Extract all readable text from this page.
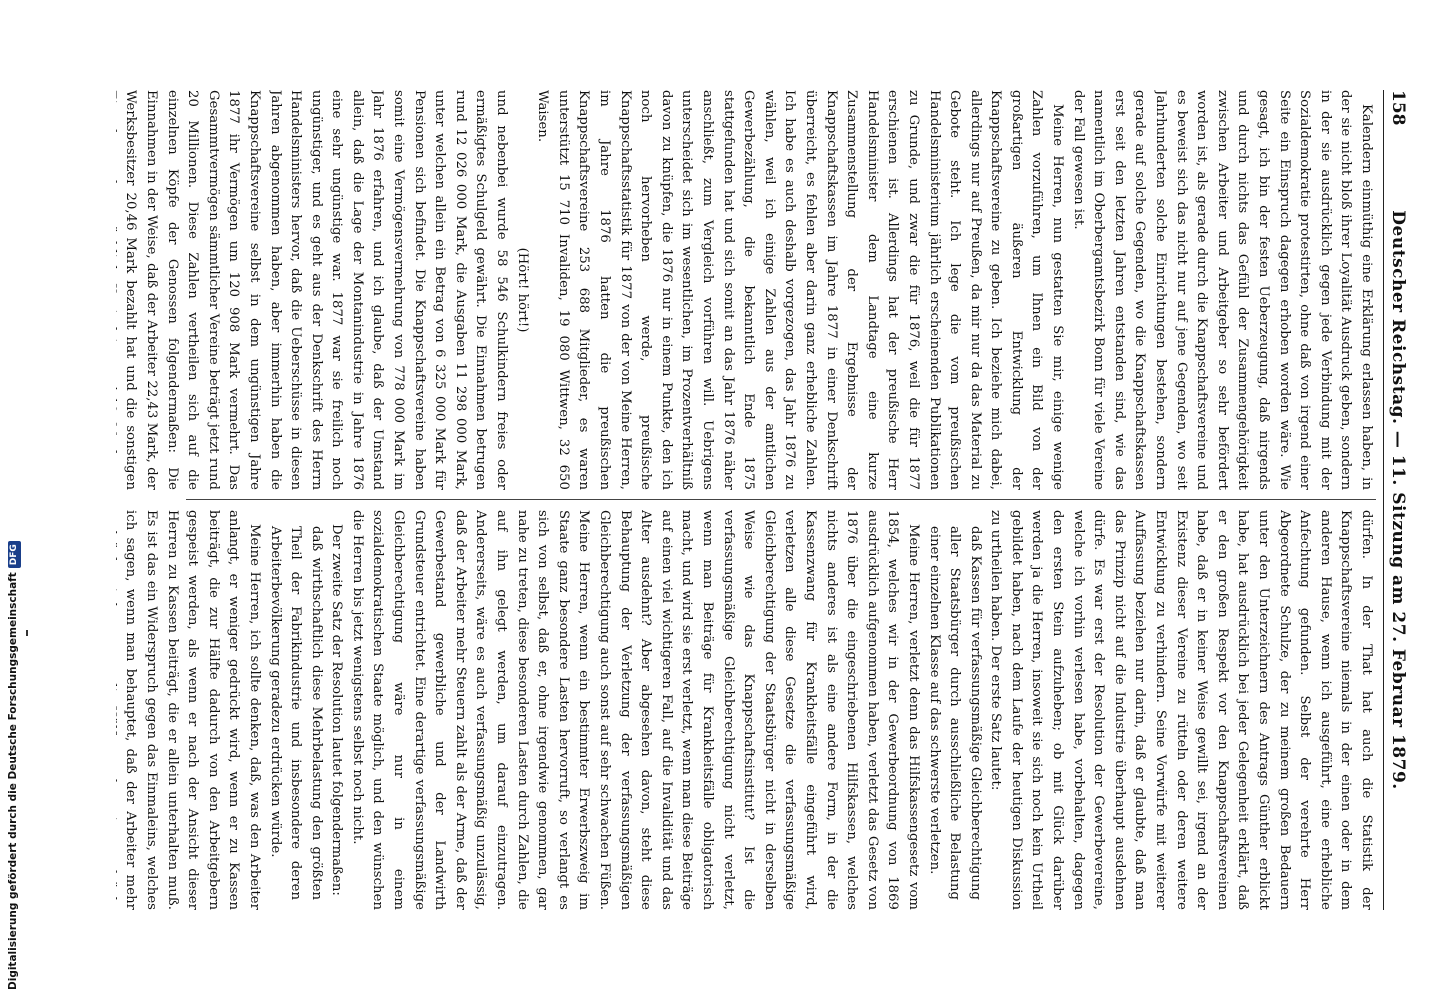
158
Deutscher Reichstag. — 11. Sitzung am 27. Februar 1879.

Kalendern einmüthig eine Erklärung erlassen haben, in der sie nicht bloß ihrer Loyalität Ausdruck geben, sondern in der sie ausdrücklich gegen jede Verbindung mit der Sozialdemokratie protestirten, ohne daß von irgend einer Seite ein Einspruch dagegen erhoben worden wäre. Wie gesagt, ich bin der festen Ueberzeugung, daß nirgends und durch nichts das Gefühl der Zusammengehörigkeit zwischen Arbeiter und Arbeitgeber so sehr befördert worden ist, als gerade durch die Knappschaftsvereine und es beweist sich das nicht nur auf jene Gegenden, wo seit Jahrhunderten solche Einrichtungen bestehen, sondern gerade auf solche Gegenden, wo die Knappschaftskassen erst seit den letzten Jahren entstanden sind, wie das namentlich im Oberbergamtsbezirk Bonn für viele Vereine der Fall gewesen ist.

Meine Herren, nun gestatten Sie mir, einige wenige Zahlen vorzuführen, um Ihnen ein Bild von der großartigen äußeren Entwicklung der Knappschaftsvereine zu geben. Ich beziehe mich dabei, allerdings nur auf Preußen, da mir nur da das Material zu Gebote steht. Ich lege die vom preußischen Handelsministerium jährlich erscheinenden Publikationen zu Grunde, und zwar die für 1876, weil die für 1877 erschienen ist. Allerdings hat der preußische Herr Handelsminister dem Landtage eine kurze Zusammenstellung der Ergebnisse der Knappschaftskassen im Jahre 1877 in einer Denkschrift überreicht, es fehlen aber darin ganz erhebliche Zahlen. Ich habe es auch deshalb vorgezogen, das Jahr 1876 zu wählen, weil ich einige Zahlen aus der amtlichen Gewerbezählung, die bekanntlich Ende 1875 stattgefunden hat und sich somit an das Jahr 1876 näher anschließt, zum Vergleich vorführen will. Uebrigens unterscheidet sich im wesentlichen, im Prozentverhältniß davon zu knüpfen, die 1876 nur in einem Punkte, den ich noch hervorheben werde, preußische Knappschaftsstatistik für 1877 von der von Meine Herren, im Jahre 1876 hatten die preußischen Knappschaftsvereine 253 688 Mitglieder, es waren unterstützt 15 710 Invaliden, 19 080 Wittwen, 32 650 Waisen.

(Hört! hört!)

und nebenbei wurde 58 546 Schulkindern freies oder ermäßigtes Schulgeld gewährt. Die Einnahmen betrugen rund 12 026 000 Mark, die Ausgaben 11 298 000 Mark, unter welchen allein ein Betrag von 6 325 000 Mark für Pensionen sich befindet. Die Knappschaftsvereine haben somit eine Vermögensvermehrung von 778 000 Mark im Jahr 1876 erfahren, und ich glaube, daß der Umstand allein, daß die Lage der Montanindustrie in Jahre 1876 eine sehr ungünstige war. 1877 war sie freilich noch ungünstiger, und es geht aus der Denkschrift des Herrn Handelsministers hervor, daß die Ueberschüsse in diesen Jahren abgenommen haben, aber immerhin haben die Knappschaftsvereine selbst in dem ungünstigen Jahre 1877 ihr Vermögen um 120 908 Mark vermehrt. Das Gesammtvermögen sämmtlicher Vereine beträgt jetzt rund 20 Millionen. Diese Zahlen vertheilen sich auf die einzelnen Köpfe der Genossen folgendermaßen: Die Einnahmen in der Weise, daß der Arbeiter 22,43 Mark, der Werksbesitzer 20,46 Mark bezahlt hat und die sonstigen

dürfen. In der That hat auch die Statistik der Knappschaftsvereine niemals in der einen oder in dem anderen Hause, wenn ich ausgeführt, eine erhebliche Anfechtung gefunden. Selbst der verehrte Herr Abgeordnete Schulze, der zu meinem großen Bedauern unter den Unterzeichnern des Antrags Günther erblickt habe, hat ausdrücklich bei jeder Gelegenheit erklärt, daß er den großen Respekt vor den Knappschaftsvereinen habe, daß er in keiner Weise gewillt sei, irgend an der Existenz dieser Vereine zu rütteln oder deren weitere Entwicklung zu verhindern. Seine Vorwürfe mit weiterer Auffassung beziehen nur darin, daß er glaubte, daß man das Prinzip nicht auf die Industrie überhaupt ausdehnen dürfe. Es war erst der Resolution der Gewerbevereine, welche ich vorhin verlesen habe, vorbehalten, dagegen den ersten Stein aufzuheben; ob mit Glück darüber werden ja die Herren, insoweit sie sich noch kein Urtheil gebildet haben, nach dem Laufe der heutigen Diskussion zu urtheilen haben. Der erste Satz lautet:

daß Kassen für verfassungsmäßige Gleichberechtigung aller Staatsbürger durch ausschließliche Belastung einer einzelnen Klasse auf das schwerste verletzen.

Meine Herren, verletzt denn das Hilfskassengesetz vom 1854, welches wir in der Gewerbeordnung von 1869 ausdrücklich aufgenommen haben, verletzt das Gesetz von 1876 über die eingeschriebenen Hilfskassen, welches nichts anderes ist als eine andere Form, in der die Kassenzwang für Krankheitsfälle eingeführt wird, verletzen alle diese Gesetze die verfassungsmäßige Gleichberechtigung der Staatsbürger nicht in derselben Weise wie das Knappschaftsinstitut? Ist die verfassungsmäßige Gleichberechtigung nicht verletzt, wenn man Beiträge für Krankheitsfälle obligatorisch macht, und wird sie erst verletzt, wenn man diese Beiträge auf einen viel wichtigeren Fall, auf die Invalidität und das Alter ausdehnt? Aber abgesehen davon, steht diese Behauptung der Verletzung der verfassungsmäßigen Gleichberechtigung auch sonst auf sehr schwachen Füßen. Meine Herren, wenn ein bestimmter Erwerbszweig im Staate ganz besondere Lasten hervorruft, so verlangt es sich von selbst, daß er, ohne irgendwie genommen, gar nahe zu treten, diese besonderen Lasten durch Zahlen, die auf ihn gelegt werden, um darauf einzutragen. Andererseits, wäre es auch verfassungsmäßig unzulässig, daß der Arbeiter mehr Steuern zahlt als der Arme, daß der Gewerbestand gewerbliche und der Landwirth Grundsteuer entrichtet. Eine derartige verfassungsmäßige Gleichberechtigung wäre nur in einem sozialdemokratischen Staate möglich, und den wünschen die Herren bis jetzt wenigstens selbst noch nicht.

Der zweite Satz der Resolution lautet folgendermaßen:

daß wirthschaftlich diese Mehrbelastung den größten Theil der Fabrikindustrie und insbesondere deren Arbeiterbevölkerung geradezu erdrücken würde.

Meine Herren, ich sollte denken, daß, was den Arbeiter anlangt, er weniger gedrückt wird, wenn er zu Kassen beiträgt, die zur Hälfte dadurch von den Arbeitgebern gespeist werden, als wenn er nach der Ansicht dieser Herren zu Kassen beiträgt, die er allein unterhalten muß. Es ist das ein Widerspruch gegen das Einmaleins, welches ich sagen, wenn man behauptet, daß der Arbeiter mehr

Digitalisierung gefördert durch die Deutsche ForschungsgemeinschaftDFG
